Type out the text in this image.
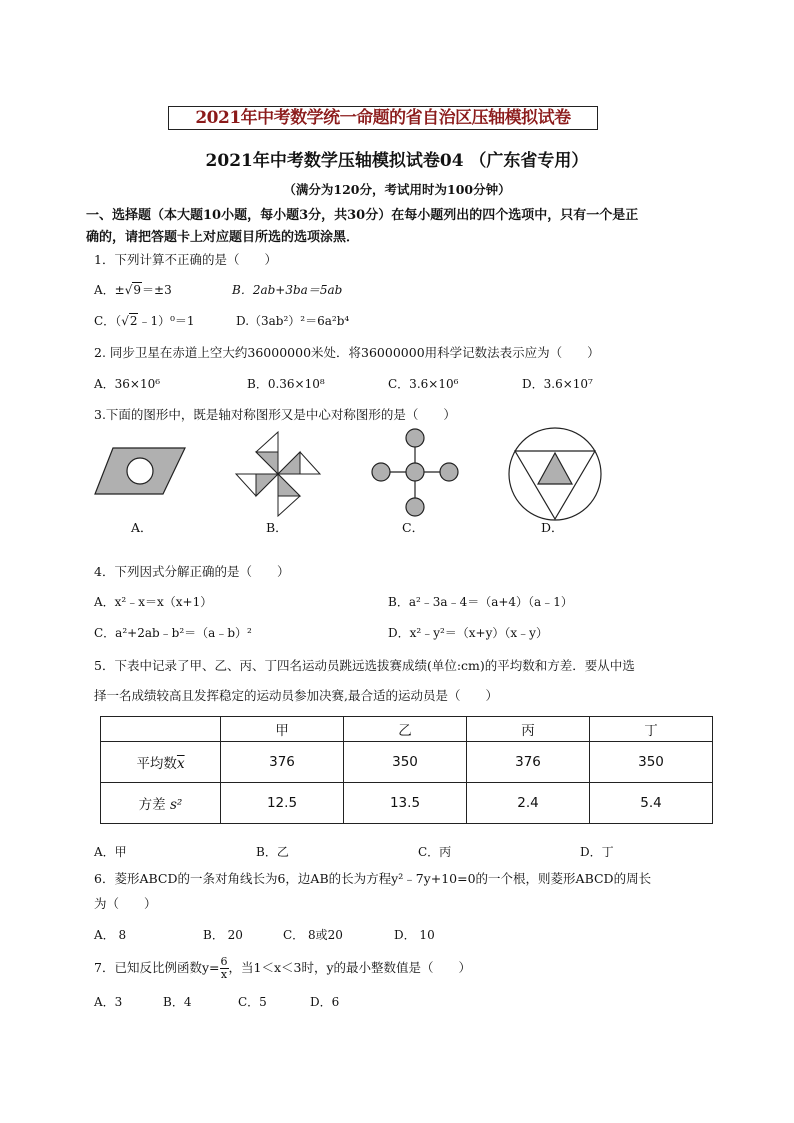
2021年中考数学统一命题的省自治区压轴模拟试卷
2021年中考数学压轴模拟试卷04 （广东省专用）
（满分为120分，考试用时为100分钟）
一、选择题（本大题10小题，每小题3分，共30分）在每小题列出的四个选项中，只有一个是正
确的，请把答题卡上对应题目所选的选项涂黑．
1．下列计算不正确的是（　　）
A．±√9＝±3	B．2ab+3ba＝5ab
C．（√2﹣1）⁰＝1	D.（3ab²）²＝6a²b⁴
2. 同步卫星在赤道上空大约36000000米处．将36000000用科学记数法表示应为（　　）
A．36×10⁶	B．0.36×10⁸	C．3.6×10⁶	D．3.6×10⁷
3.下面的图形中，既是轴对称图形又是中心对称图形的是（　　）
A．	B．	C．	D．
4．下列因式分解正确的是（　　）
A．x²﹣x＝x（x+1）	B．a²﹣3a﹣4＝（a+4）（a﹣1）
C．a²+2ab﹣b²＝（a﹣b）²	D．x²﹣y²＝（x+y）（x﹣y）
5．下表中记录了甲、乙、丙、丁四名运动员跳远选拔赛成绩(单位:cm)的平均数和方差．要从中选
择一名成绩较高且发挥稳定的运动员参加决赛,最合适的运动员是（　　）
	甲	乙	丙	丁
平均数$\overline{x}$	376	350	376	350
方差 s²	12.5	13.5	2.4	5.4
A．甲	B．乙	C．丙	D．丁
6．菱形ABCD的一条对角线长为6，边AB的长为方程y²﹣7y+10=0的一个根，则菱形ABCD的周长
为（　　）
A． 8	B． 20	C． 8或20	D． 10
7．已知反比例函数$y= \frac{6}{x}$ ，当1＜x＜3时，y的最小整数值是（　　）
A．3	B．4	C．5	D．6
